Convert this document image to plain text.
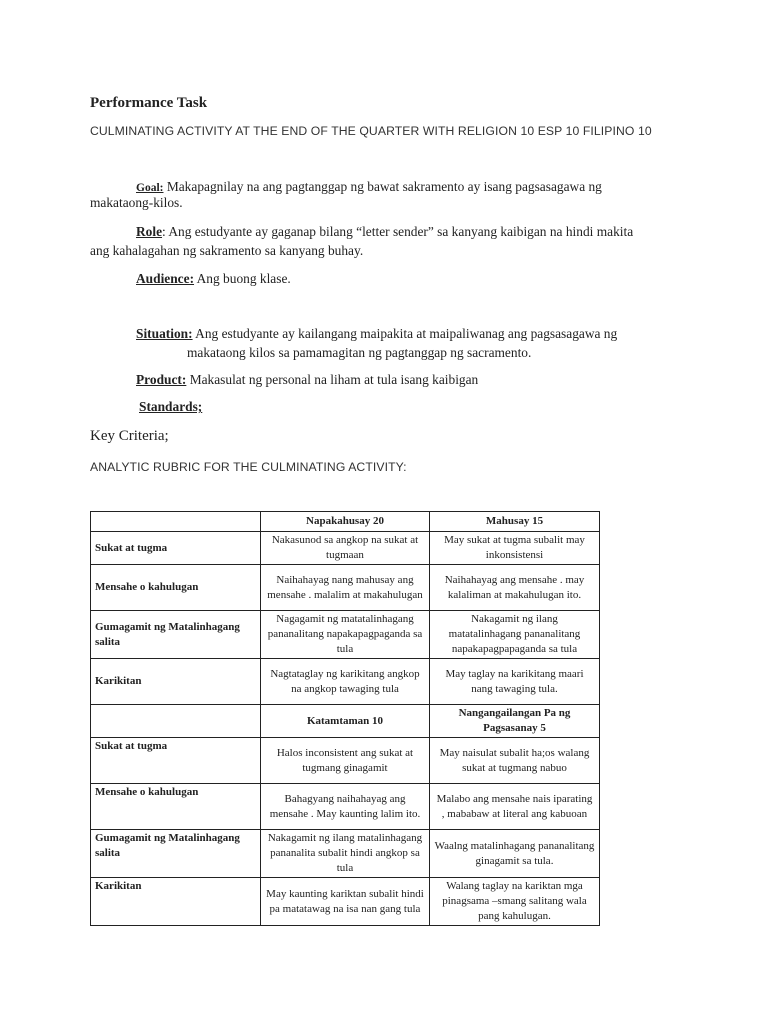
Performance Task
CULMINATING ACTIVITY AT THE END OF THE QUARTER WITH RELIGION 10 ESP 10 FILIPINO 10
Goal: Makapagnilay na ang pagtanggap ng bawat sakramento ay isang pagsasagawa ng
makataong-kilos.
Role: Ang estudyante ay gaganap bilang “letter sender” sa kanyang kaibigan na hindi makita
ang kahalagahan ng sakramento sa kanyang buhay.
Audience: Ang buong klase.
Situation: Ang estudyante ay kailangang maipakita at maipaliwanag ang pagsasagawa ng
makataong kilos sa pamamagitan ng pagtanggap ng sacramento.
Product: Makasulat ng personal na liham at tula isang kaibigan
Standards;
Key Criteria;
ANALYTIC RUBRIC FOR THE CULMINATING ACTIVITY:
	Napakahusay 20	Mahusay 15
Sukat at tugma	Nakasunod sa angkop na sukat at tugmaan	May sukat at tugma subalit may inkonsistensi
Mensahe o kahulugan	Naihahayag nang mahusay ang mensahe . malalim at makahulugan	Naihahayag ang mensahe . may kalaliman at makahulugan ito.
Gumagamit ng Matalinhagang salita	Nagagamit ng matatalinhagang pananalitang napakapagpaganda sa tula	Nakagamit ng ilang matatalinhagang pananalitang napakapagpapaganda sa tula
Karikitan	Nagtataglay ng karikitang angkop na angkop tawaging tula	May taglay na karikitang maari nang tawaging tula.
	Katamtaman 10	Nangangailangan Pa ng Pagsasanay 5
Sukat at tugma	Halos inconsistent ang sukat at tugmang ginagamit	May naisulat subalit ha;os walang sukat at tugmang nabuo
Mensahe o kahulugan	Bahagyang naihahayag ang mensahe . May kaunting lalim ito.	Malabo ang mensahe nais iparating , mababaw at literal ang kabuoan
Gumagamit ng Matalinhagang salita	Nakagamit ng ilang matalinhagang pananalita subalit hindi angkop sa tula	Waalng matalinhagang pananalitang ginagamit sa tula.
Karikitan	May kaunting kariktan subalit hindi pa matatawag na isa nan gang tula	Walang taglay na kariktan mga pinagsama –smang salitang wala pang kahulugan.
